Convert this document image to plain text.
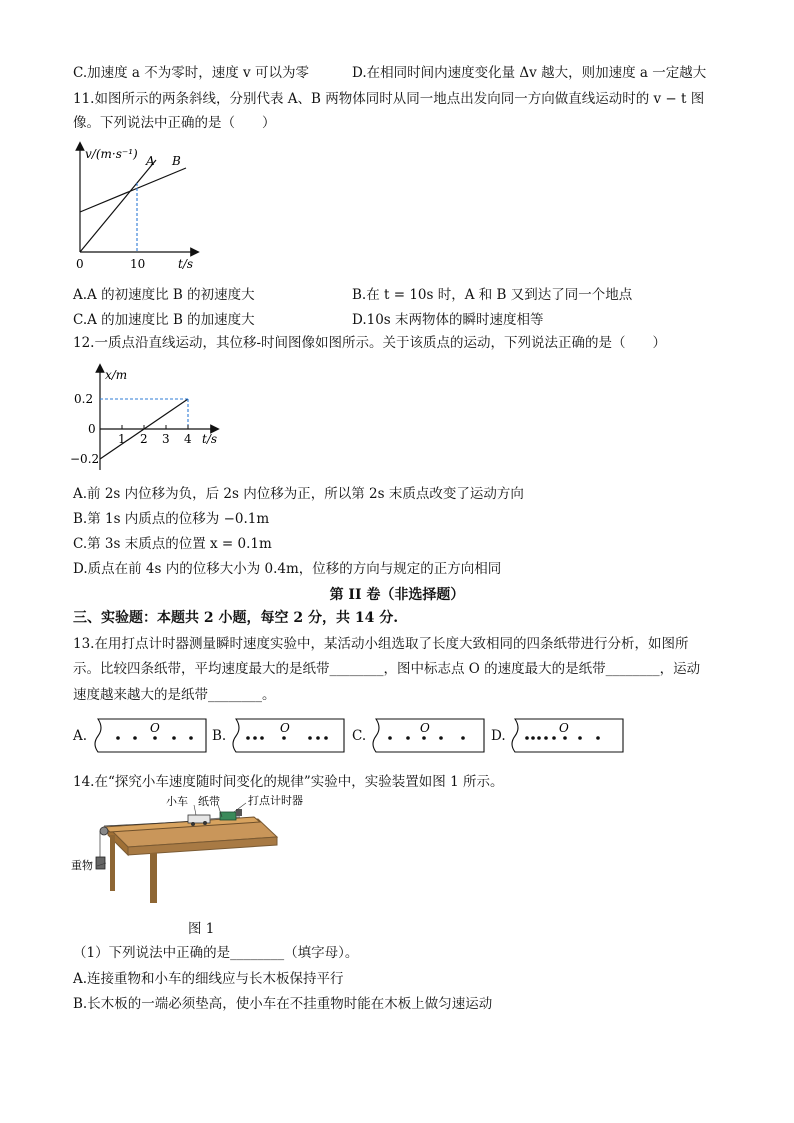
C.加速度 a 不为零时，速度 v 可以为零	D.在相同时间内速度变化量 Δv 越大，则加速度 a 一定越大
11.如图所示的两条斜线，分别代表 A、B 两物体同时从同一地点出发向同一方向做直线运动时的 v − t 图
像。下列说法中正确的是（　　）
v/(m·s⁻¹) A B
0	10	t/s
A.A 的初速度比 B 的初速度大	B.在 t = 10s 时，A 和 B 又到达了同一个地点
C.A 的加速度比 B 的加速度大	D.10s 末两物体的瞬时速度相等
12.一质点沿直线运动，其位移-时间图像如图所示。关于该质点的运动，下列说法正确的是（　　）
x/m
0.2
0
−0.2
1 2 3 4 t/s
A.前 2s 内位移为负，后 2s 内位移为正，所以第 2s 末质点改变了运动方向
B.第 1s 内质点的位移为 −0.1m
C.第 3s 末质点的位置 x = 0.1m
D.质点在前 4s 内的位移大小为 0.4m，位移的方向与规定的正方向相同
第 II 卷（非选择题）
三、实验题：本题共 2 小题，每空 2 分，共 14 分.
13.在用打点计时器测量瞬时速度实验中，某活动小组选取了长度大致相同的四条纸带进行分析，如图所
示。比较四条纸带，平均速度最大的是纸带________，图中标志点 O 的速度最大的是纸带________，运动
速度越来越大的是纸带________。
A.	O	B.	O	C.	O	D.	O
14.在“探究小车速度随时间变化的规律”实验中，实验装置如图 1 所示。
小车 纸带	打点计时器
重物
图 1
（1）下列说法中正确的是________（填字母）。
A.连接重物和小车的细线应与长木板保持平行
B.长木板的一端必须垫高，使小车在不挂重物时能在木板上做匀速运动
